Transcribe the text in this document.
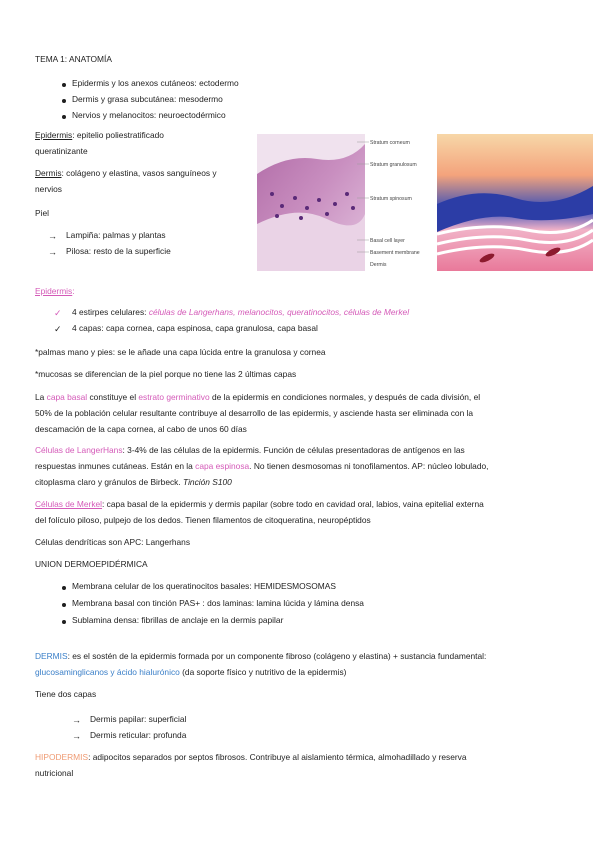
TEMA 1: ANATOMÍA

Epidermis y los anexos cutáneos: ectodermo

Dermis y grasa subcutánea: mesodermo

Nervios y melanocitos: neuroectodérmico

Epidermis: epitelio poliestratificado

queratinizante

Dermis: colágeno y elastina, vasos sanguíneos y

nervios

Piel

→ Lampiña: palmas y plantas

→ Pilosa: resto de la superficie

Stratum corneum
Stratum granulosum
Stratum spinosum
Basal cell layer
Basement membrane
Dermis

Epidermis:

✓ 4 estirpes celulares: células de Langerhans, melanocitos, queratinocitos, células de Merkel

✓ 4 capas: capa cornea, capa espinosa, capa granulosa, capa basal

*palmas mano y pies: se le añade una capa lúcida entre la granulosa y cornea

*mucosas se diferencian de la piel porque no tiene las 2 últimas capas

La capa basal constituye el estrato germinativo de la epidermis en condiciones normales, y después de cada división, el

50% de la población celular resultante contribuye al desarrollo de las epidermis, y asciende hasta ser eliminada con la

descamación de la capa cornea, al cabo de unos 60 días

Células de LangerHans: 3-4% de las células de la epidermis. Función de células presentadoras de antígenos en las

respuestas inmunes cutáneas. Están en la capa espinosa. No tienen desmosomas ni tonofilamentos. AP: núcleo lobulado,

citoplasma claro y gránulos de Birbeck. Tinción S100

Células de Merkel: capa basal de la epidermis y dermis papilar (sobre todo en cavidad oral, labios, vaina epitelial externa

del folículo piloso, pulpejo de los dedos. Tienen filamentos de citoqueratina, neuropéptidos

Células dendríticas son APC: Langerhans

UNION DERMOEPIDÉRMICA

Membrana celular de los queratinocitos basales: HEMIDESMOSOMAS

Membrana basal con tinción PAS+ : dos laminas: lamina lúcida y lámina densa

Sublamina densa: fibrillas de anclaje en la dermis papilar

DERMIS: es el sostén de la epidermis formada por un componente fibroso (colágeno y elastina) + sustancia fundamental:

glucosaminglicanos y ácido hialurónico (da soporte físico y nutritivo de la epidermis)

Tiene dos capas

→ Dermis papilar: superficial

→ Dermis reticular: profunda

HIPODERMIS: adipocitos separados por septos fibrosos. Contribuye al aislamiento térmica, almohadillado y reserva

nutricional
